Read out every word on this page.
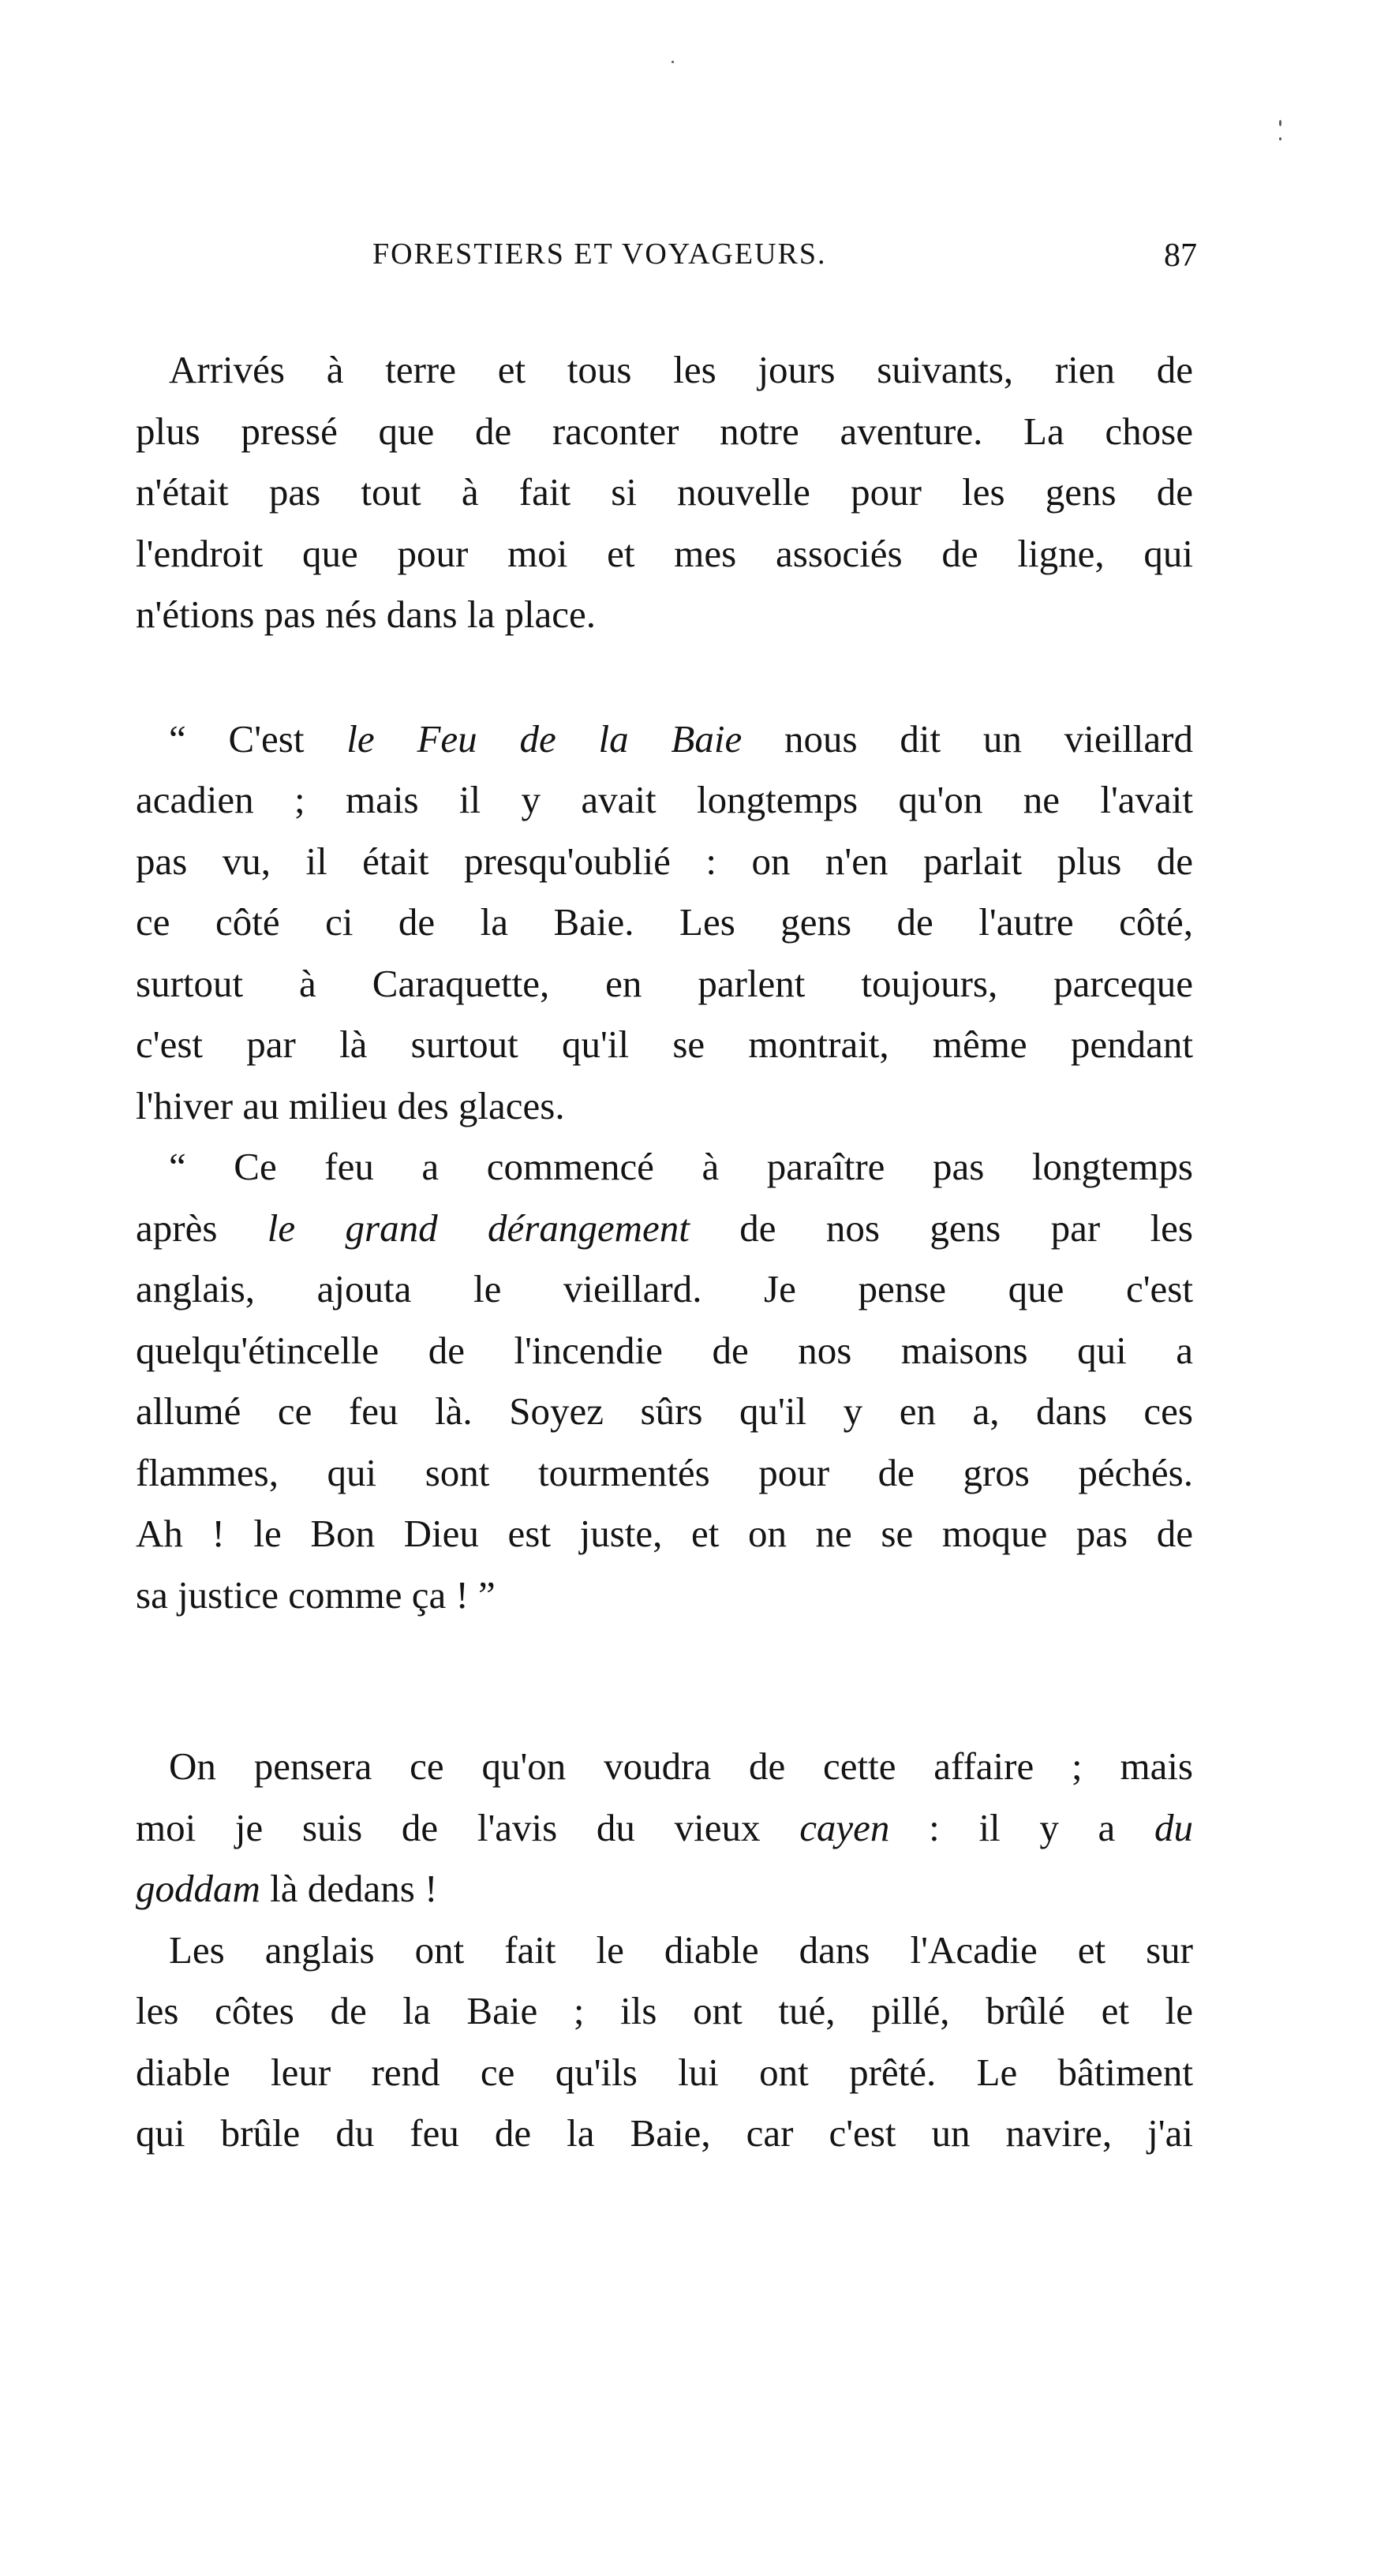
FORESTIERS ET VOYAGEURS.	87

Arrivés à terre et tous les jours suivants, rien de
plus pressé que de raconter notre aventure. La chose
n'était pas tout à fait si nouvelle pour les gens de
l'endroit que pour moi et mes associés de ligne, qui
n'étions pas nés dans la place.

“ C'est le Feu de la Baie nous dit un vieillard
acadien ; mais il y avait longtemps qu'on ne l'avait
pas vu, il était presqu'oublié : on n'en parlait plus de
ce côté ci de la Baie. Les gens de l'autre côté,
surtout à Caraquette, en parlent toujours, parceque
c'est par là surtout qu'il se montrait, même pendant
l'hiver au milieu des glaces.

“ Ce feu a commencé à paraître pas longtemps
après le grand dérangement de nos gens par les
anglais, ajouta le vieillard. Je pense que c'est
quelqu'étincelle de l'incendie de nos maisons qui a
allumé ce feu là. Soyez sûrs qu'il y en a, dans ces
flammes, qui sont tourmentés pour de gros péchés.
Ah ! le Bon Dieu est juste, et on ne se moque pas de
sa justice comme ça ! ”

On pensera ce qu'on voudra de cette affaire ; mais
moi je suis de l'avis du vieux cayen : il y a du
goddam là dedans !

Les anglais ont fait le diable dans l'Acadie et sur
les côtes de la Baie ; ils ont tué, pillé, brûlé et le
diable leur rend ce qu'ils lui ont prêté. Le bâtiment
qui brûle du feu de la Baie, car c'est un navire, j'ai
